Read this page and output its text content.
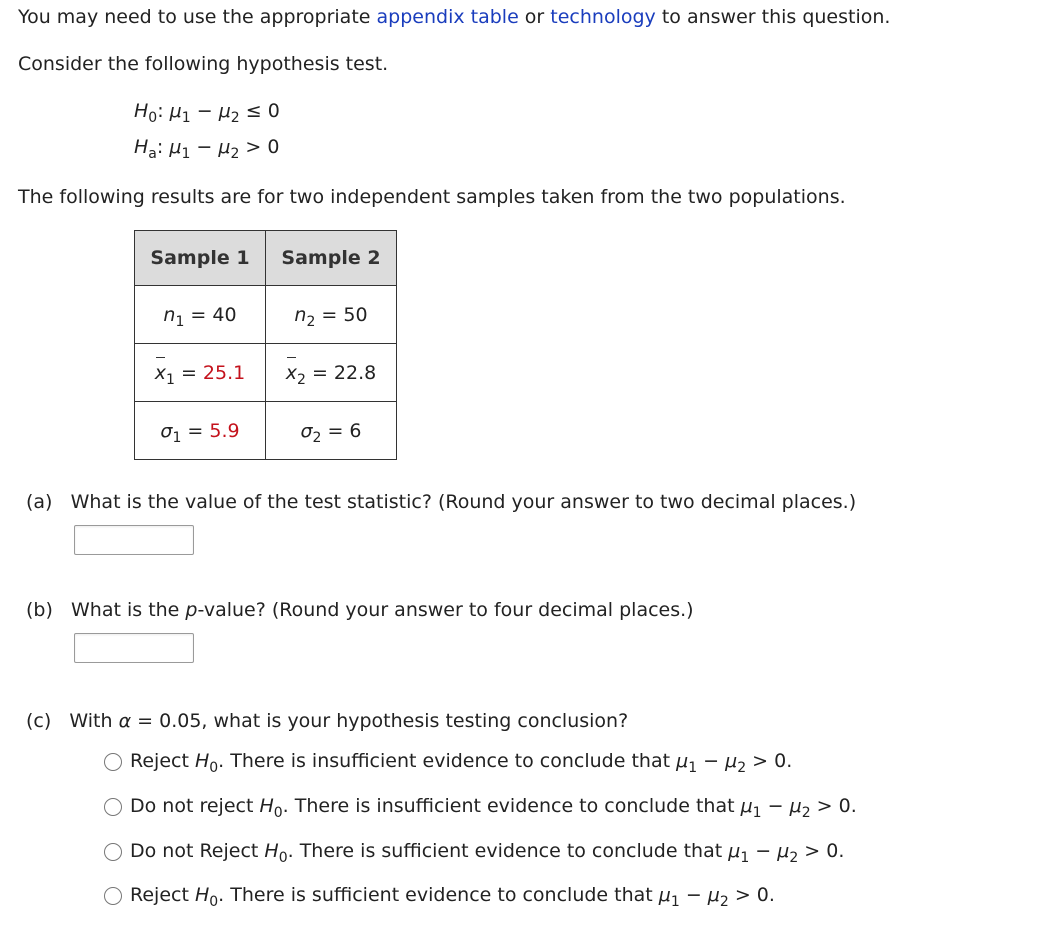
You may need to use the appropriate appendix table or technology to answer this question.
Consider the following hypothesis test.
$H_0$: $\mu_1 - \mu_2 \le 0$
$H_a$: $\mu_1 - \mu_2 > 0$
The following results are for two independent samples taken from the two populations.
Sample 1	Sample 2
$n_1 = 40$	$n_2 = 50$
$x_1 = 25.1$	$x_2 = 22.8$
$\sigma_1 = 5.9$	$\sigma_2 = 6$
(a) What is the value of the test statistic? (Round your answer to two decimal places.)
(b) What is the p-value? (Round your answer to four decimal places.)
(c) With α = 0.05, what is your hypothesis testing conclusion?
Reject $H_0$. There is insufficient evidence to conclude that $\mu_1 - \mu_2 > 0$.
Do not reject $H_0$. There is insufficient evidence to conclude that $\mu_1 - \mu_2 > 0$.
Do not Reject $H_0$. There is sufficient evidence to conclude that $\mu_1 - \mu_2 > 0$.
Reject $H_0$. There is sufficient evidence to conclude that $\mu_1 - \mu_2 > 0$.
